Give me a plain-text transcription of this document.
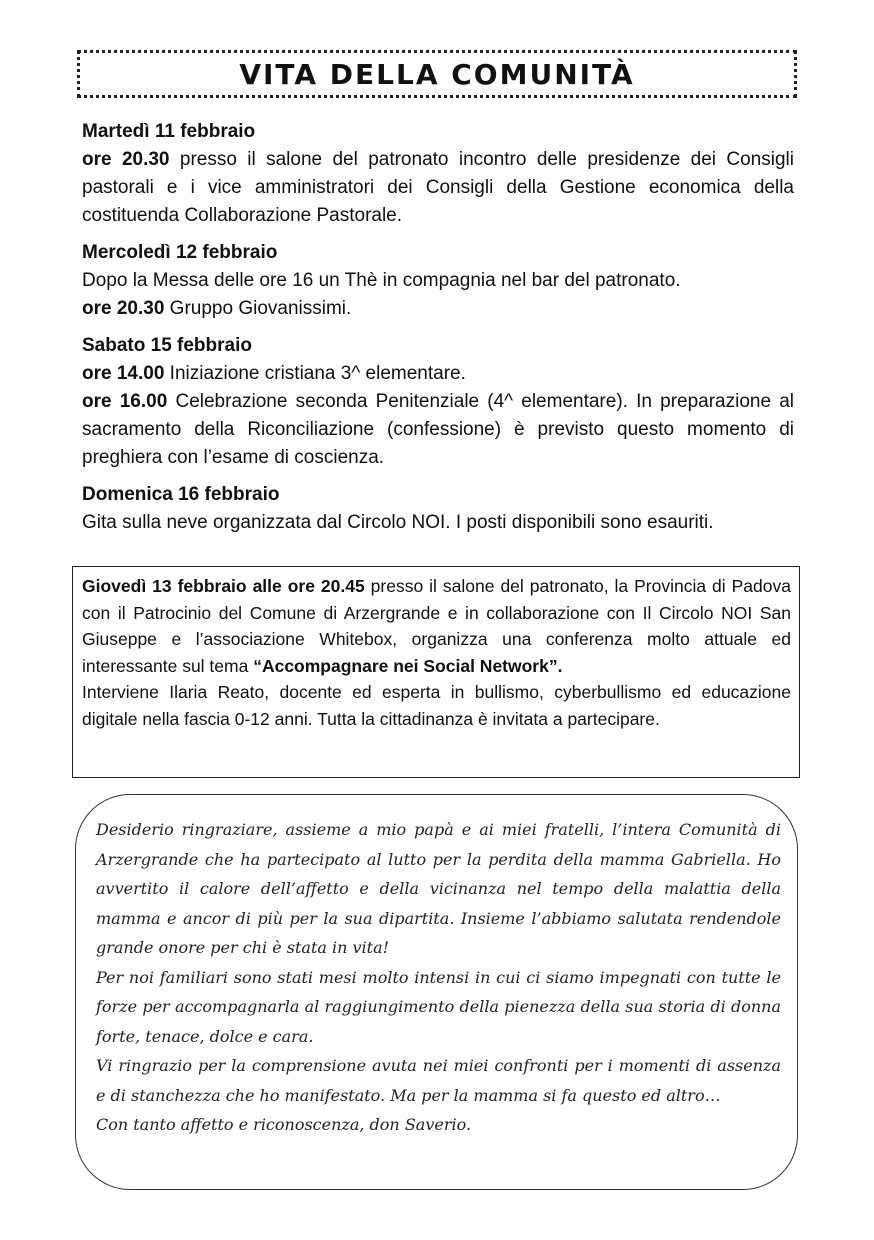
VITA DELLA COMUNITÀ
Martedì 11 febbraio
ore 20.30 presso il salone del patronato incontro delle presidenze dei Consigli pastorali e i vice amministratori dei Consigli della Gestione economica della costituenda Collaborazione Pastorale.
Mercoledì 12 febbraio
Dopo la Messa delle ore 16 un Thè in compagnia nel bar del patronato.
ore 20.30 Gruppo Giovanissimi.
Sabato 15 febbraio
ore 14.00 Iniziazione cristiana 3^ elementare.
ore 16.00 Celebrazione seconda Penitenziale (4^ elementare). In preparazione al sacramento della Riconciliazione (confessione) è previsto questo momento di preghiera con l’esame di coscienza.
Domenica 16 febbraio
Gita sulla neve organizzata dal Circolo NOI. I posti disponibili sono esauriti.

Giovedì 13 febbraio alle ore 20.45 presso il salone del patronato, la Provincia di Padova con il Patrocinio del Comune di Arzergrande e in collaborazione con Il Circolo NOI San Giuseppe e l’associazione Whitebox, organizza una conferenza molto attuale ed interessante sul tema “Accompagnare nei Social Network”.

Interviene Ilaria Reato, docente ed esperta in bullismo, cyberbullismo ed educazione digitale nella fascia 0-12 anni. Tutta la cittadinanza è invitata a partecipare.

Desiderio ringraziare, assieme a mio papà e ai miei fratelli, l’intera Comunità di Arzergrande che ha partecipato al lutto per la perdita della mamma Gabriella. Ho avvertito il calore dell’affetto e della vicinanza nel tempo della malattia della mamma e ancor di più per la sua dipartita. Insieme l’abbiamo salutata rendendole grande onore per chi è stata in vita!

Per noi familiari sono stati mesi molto intensi in cui ci siamo impegnati con tutte le forze per accompagnarla al raggiungimento della pienezza della sua storia di donna forte, tenace, dolce e cara.

Vi ringrazio per la comprensione avuta nei miei confronti per i momenti di assenza e di stanchezza che ho manifestato. Ma per la mamma si fa questo ed altro…

Con tanto affetto e riconoscenza, don Saverio.
